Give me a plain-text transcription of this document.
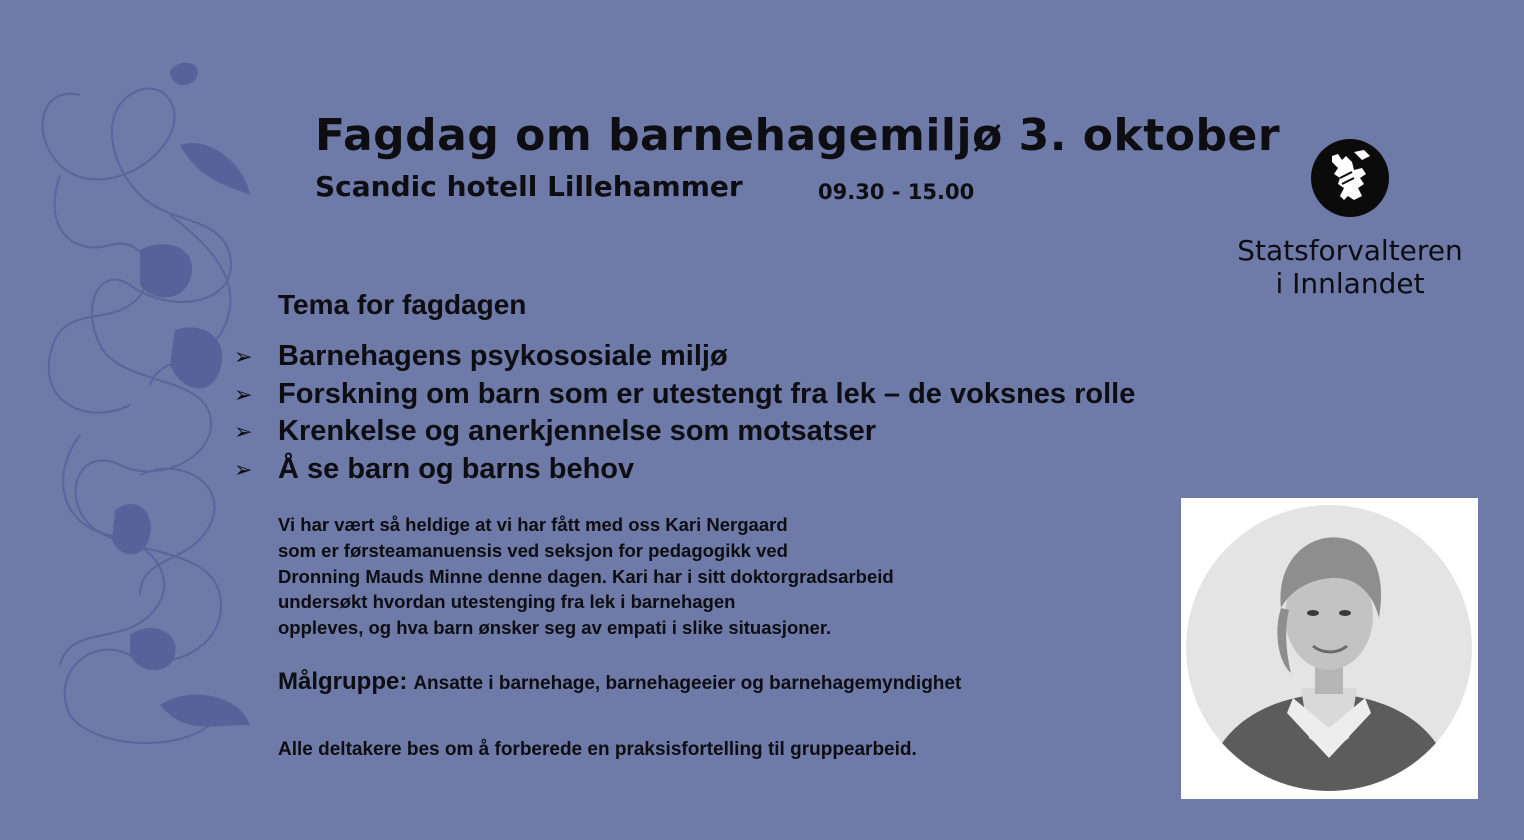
Fagdag om barnehagemiljø 3. oktober
Scandic hotell Lillehammer	09.30 - 15.00
Statsforvalteren
i Innlandet
Tema for fagdagen
➢ Barnehagens psykososiale miljø
➢ Forskning om barn som er utestengt fra lek – de voksnes rolle
➢ Krenkelse og anerkjennelse som motsatser
➢ Å se barn og barns behov
Vi har vært så heldige at vi har fått med oss Kari Nergaard
som er førsteamanuensis ved seksjon for pedagogikk ved
Dronning Mauds Minne denne dagen. Kari har i sitt doktorgradsarbeid
undersøkt hvordan utestenging fra lek i barnehagen
oppleves, og hva barn ønsker seg av empati i slike situasjoner.
Målgruppe: Ansatte i barnehage, barnehageeier og barnehagemyndighet
Alle deltakere bes om å forberede en praksisfortelling til gruppearbeid.
